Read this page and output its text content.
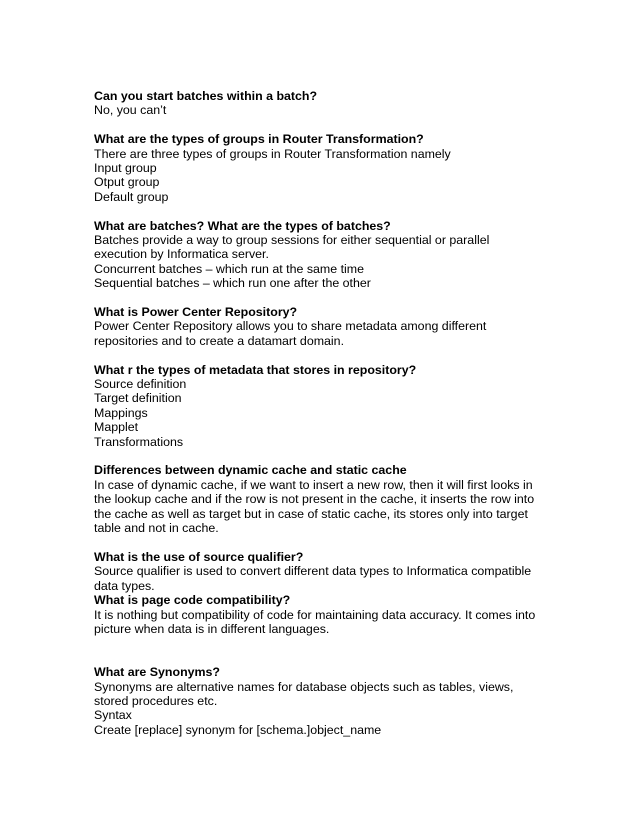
Can you start batches within a batch?

No, you can’t

What are the types of groups in Router Transformation?

There are three types of groups in Router Transformation namely
Input group
Otput group
Default group

What are batches? What are the types of batches?

Batches provide a way to group sessions for either sequential or parallel
execution by Informatica server.
Concurrent batches – which run at the same time
Sequential batches – which run one after the other

What is Power Center Repository?

Power Center Repository allows you to share metadata among different
repositories and to create a datamart domain.

What r the types of metadata that stores in repository?

Source definition
Target definition
Mappings
Mapplet
Transformations

Differences between dynamic cache and static cache

In case of dynamic cache, if we want to insert a new row, then it will first looks in
the lookup cache and if the row is not present in the cache, it inserts the row into
the cache as well as target but in case of static cache, its stores only into target
table and not in cache.

What is the use of source qualifier?

Source qualifier is used to convert different data types to Informatica compatible
data types.

What is page code compatibility?

It is nothing but compatibility of code for maintaining data accuracy. It comes into
picture when data is in different languages.

What are Synonyms?

Synonyms are alternative names for database objects such as tables, views,
stored procedures etc.
Syntax
Create [replace] synonym for [schema.]object_name
